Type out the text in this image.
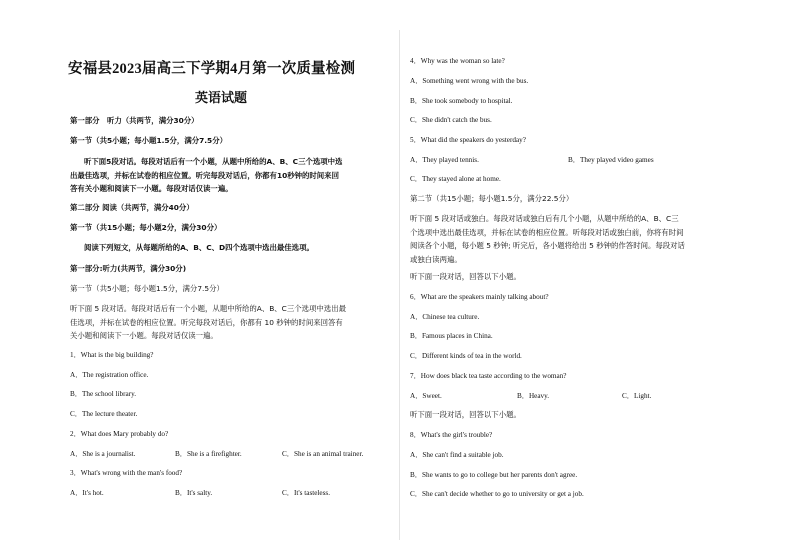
安福县2023届高三下学期4月第一次质量检测
英语试题
第一部分　听力（共两节，满分30分）
第一节（共5小题；每小题1.5分，满分7.5分）
听下面5段对话。每段对话后有一个小题，从题中所给的A、B、C三个选项中选
出最佳选项，并标在试卷的相应位置。听完每段对话后，你都有10秒钟的时间来回
答有关小题和阅读下一小题。每段对话仅读一遍。
第二部分 阅读（共两节，满分40分）
第一节（共15小题；每小题2分，满分30分）
阅读下列短文，从每题所给的A、B、C、D四个选项中选出最佳选项。
第一部分:听力(共两节，满分30分)
第一节（共5小题；每小题1.5分，满分7.5分）
听下面 5 段对话。每段对话后有一个小题，从题中所给的A、B、C三个选项中选出最
佳选项，并标在试卷的相应位置。听完每段对话后，你都有 10 秒钟的时间来回答有
关小题和阅读下一小题。每段对话仅读一遍。
1．What is the big building?
A．The registration office.
B．The school library.
C．The lecture theater.
2．What does Mary probably do?
A．She is a journalist.	B．She is a firefighter.	C．She is an animal trainer.
3．What's wrong with the man's food?
A．It's hot.	B．It's salty.	C．It's tasteless.
4．Why was the woman so late?
A．Something went wrong with the bus.
B．She took somebody to hospital.
C．She didn't catch the bus.
5．What did the speakers do yesterday?
A．They played tennis.	B．They played video games
C．They stayed alone at home.
第二节（共15小题；每小题1.5分，满分22.5分）
听下面 5 段对话或独白。每段对话或独白后有几个小题，从题中所给的A、B、C三
个选项中选出最佳选项，并标在试卷的相应位置。听每段对话或独白前，你将有时间
阅读各个小题，每小题 5 秒钟; 听完后，各小题将给出 5 秒钟的作答时间。每段对话
或独白读两遍。
听下面一段对话，回答以下小题。
6．What are the speakers mainly talking about?
A．Chinese tea culture.
B．Famous places in China.
C．Different kinds of tea in the world.
7．How does black tea taste according to the woman?
A．Sweet.	B．Heavy.	C．Light.
听下面一段对话，回答以下小题。
8．What's the girl's trouble?
A．She can't find a suitable job.
B．She wants to go to college but her parents don't agree.
C．She can't decide whether to go to university or get a job.
